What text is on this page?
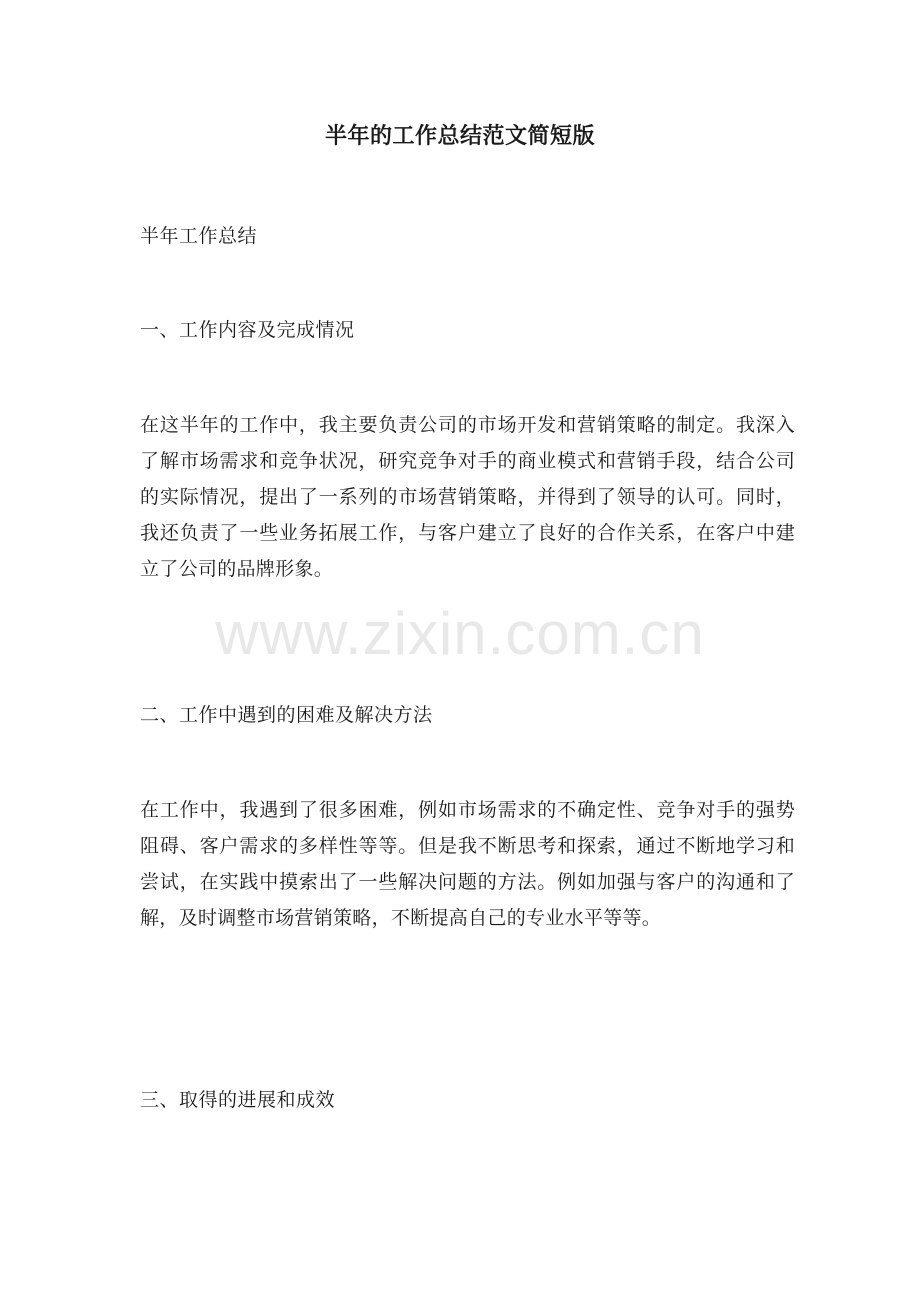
半年的工作总结范文简短版
半年工作总结
一、工作内容及完成情况
在这半年的工作中，我主要负责公司的市场开发和营销策略的制定。我深入了解市场需求和竞争状况，研究竞争对手的商业模式和营销手段，结合公司的实际情况，提出了一系列的市场营销策略，并得到了领导的认可。同时，我还负责了一些业务拓展工作，与客户建立了良好的合作关系，在客户中建立了公司的品牌形象。
二、工作中遇到的困难及解决方法
在工作中，我遇到了很多困难，例如市场需求的不确定性、竞争对手的强势阻碍、客户需求的多样性等等。但是我不断思考和探索，通过不断地学习和尝试，在实践中摸索出了一些解决问题的方法。例如加强与客户的沟通和了解，及时调整市场营销策略，不断提高自己的专业水平等等。
三、取得的进展和成效
www.zixin.com.cn
